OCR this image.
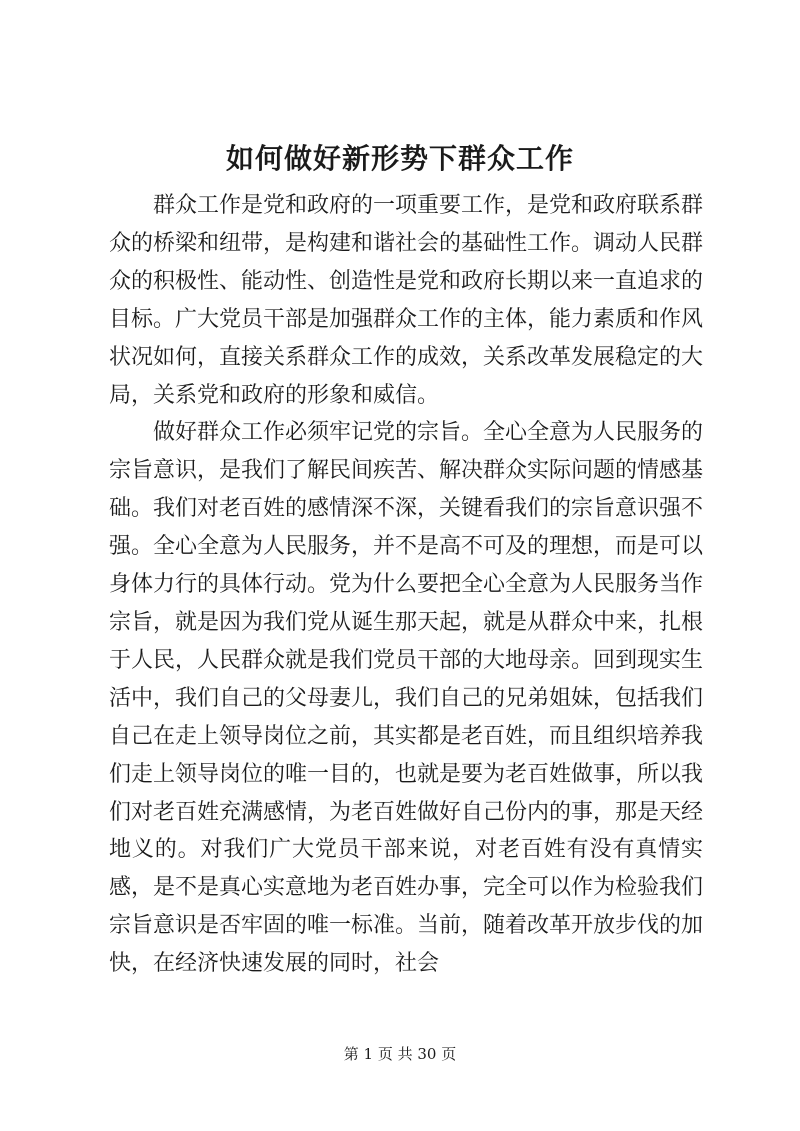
如何做好新形势下群众工作

群众工作是党和政府的一项重要工作，是党和政府联系群众的桥梁和纽带，是构建和谐社会的基础性工作。调动人民群众的积极性、能动性、创造性是党和政府长期以来一直追求的目标。广大党员干部是加强群众工作的主体，能力素质和作风状况如何，直接关系群众工作的成效，关系改革发展稳定的大局，关系党和政府的形象和威信。

做好群众工作必须牢记党的宗旨。全心全意为人民服务的宗旨意识，是我们了解民间疾苦、解决群众实际问题的情感基础。我们对老百姓的感情深不深，关键看我们的宗旨意识强不强。全心全意为人民服务，并不是高不可及的理想，而是可以身体力行的具体行动。党为什么要把全心全意为人民服务当作宗旨，就是因为我们党从诞生那天起，就是从群众中来，扎根于人民，人民群众就是我们党员干部的大地母亲。回到现实生活中，我们自己的父母妻儿，我们自己的兄弟姐妹，包括我们自己在走上领导岗位之前，其实都是老百姓，而且组织培养我们走上领导岗位的唯一目的，也就是要为老百姓做事，所以我们对老百姓充满感情，为老百姓做好自己份内的事，那是天经地义的。对我们广大党员干部来说，对老百姓有没有真情实感，是不是真心实意地为老百姓办事，完全可以作为检验我们宗旨意识是否牢固的唯一标准。当前，随着改革开放步伐的加快，在经济快速发展的同时，社会

第 1 页 共 30 页
